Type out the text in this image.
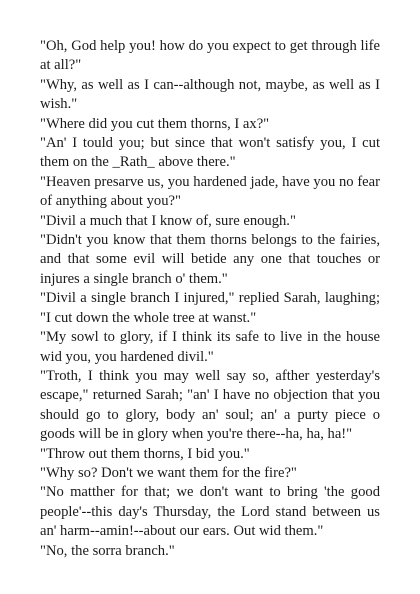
"Oh, God help you! how do you expect to get through life at all?"

"Why, as well as I can--although not, maybe, as well as I wish."

"Where did you cut them thorns, I ax?"

"An' I tould you; but since that won't satisfy you, I cut them on the _Rath_ above there."

"Heaven presarve us, you hardened jade, have you no fear of anything about you?"

"Divil a much that I know of, sure enough."

"Didn't you know that them thorns belongs to the fairies, and that some evil will betide any one that touches or injures a single branch o' them."

"Divil a single branch I injured," replied Sarah, laughing; "I cut down the whole tree at wanst."

"My sowl to glory, if I think its safe to live in the house wid you, you hardened divil."

"Troth, I think you may well say so, afther yesterday's escape," returned Sarah; "an' I have no objection that you should go to glory, body an' soul; an' a purty piece o goods will be in glory when you're there--ha, ha, ha!"

"Throw out them thorns, I bid you."

"Why so? Don't we want them for the fire?"

"No matther for that; we don't want to bring 'the good people'--this day's Thursday, the Lord stand between us an' harm--amin!--about our ears. Out wid them."

"No, the sorra branch."
